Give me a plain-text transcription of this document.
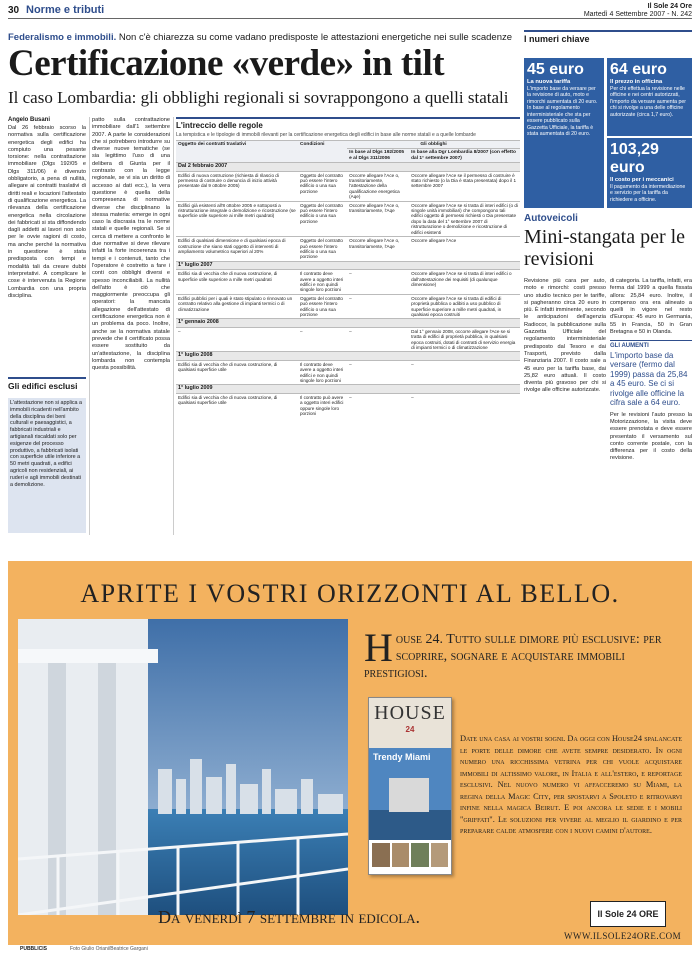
30 Norme e tributi	Il Sole 24 Ore
Martedì 4 Settembre 2007 - N. 242
Federalismo e immobili. Non c'è chiarezza su come vadano predisposte le attestazioni energetiche nei sulle scadenze
Certificazione «verde» in tilt
Il caso Lombardia: gli obblighi regionali si sovrappongono a quelli statali
Angelo Busani

Dal 26 febbraio scorso la normativa sulla certificazione energetica degli edifici ha compiuto una pesante torsione: nella contrattazione immobiliare (Dlgs 192/05 e Dlgs 311/06) è divenuto obbligatorio, a pena di nullità, allegare ai contratti traslativi di diritti reali e locazioni l'attestato di qualificazione energetica. La rilevanza della certificazione energetica nella circolazione dei fabbricati si sta diffondendo dagli addetti ai lavori non solo per le ovvie ragioni di costo, ma anche perché la normativa in questione è stata predisposta con tempi e modalità tali da creare dubbi interpretativi. A complicare le cose è intervenuta la Regione Lombardia con una propria disciplina.

patto sulla contrattazione immobiliare dall'1 settembre 2007. A parte le considerazioni che si potrebbero introdurre su diverse nuove tematiche (se sia legittimo l'uso di una delibera di Giunta per il contrasto con la legge regionale, se vi sia un diritto di accesso ai dati ecc.), la vera questione è quella della compresenza di normative diverse che disciplinano la stessa materia: emerge in ogni caso la discrasia tra le norme statali e quelle regionali. Se si cerca di mettere a confronto le due normative si deve rilevare infatti la forte incoerenza tra i tempi e i contenuti, tanto che l'operatore è costretto a fare i conti con obblighi diversi e spesso inconciliabili. La nullità dell'atto è ciò che maggiormente preoccupa gli operatori: la mancata allegazione dell'attestato di certificazione energetica non è un problema da poco. Inoltre, anche se la normativa statale prevede che il certificato possa essere sostituito da un'attestazione, la disciplina lombarda non contempla questa possibilità.

Gli edifici esclusi
L'attestazione non si applica a immobili ricadenti nell'ambito della disciplina dei beni culturali e paesaggistici, a fabbricati industriali e artigianali riscaldati solo per esigenze del processo produttivo, a fabbricati isolati con superficie utile inferiore a 50 metri quadrati, a edifici agricoli non residenziali, ai ruderi e agli immobili destinati a demolizione.
L'intreccio delle regole
La tempistica e le tipologie di immobili rilevanti per la certificazione energetica degli edifici in base alle norme statali e a quelle lombarde
Oggetto dei contratti traslativi	Condizioni	Gli obblighi	
		In base al Dlgs 192/2005 e al Dlgs 311/2006	In base alla Dgr Lombardia 8/2007 (con effetto dal 1° settembre 2007)
Dal 2 febbraio 2007			
Edifici di nuova costruzione (richiesta di rilascio di permesso di costruire o denuncia di inizio attività presentate dal 9 ottobre 2005)	Oggetto del contratto può essere l'intero edificio o una sua porzione	Occorre allegare l'Ace o, transitoriamente, l'attestazione della qualificazione energetica (Aqe)	Occorre allegare l'Ace se il permesso di costruire è stato richiesto (o la Dia è stata presentata) dopo il 1 settembre 2007
Edifici già esistenti all'8 ottobre 2005 e sottoposti a ristrutturazione integrale o demolizione e ricostruzione (se superficie utile superiore ai mille metri quadrati)	Oggetto del contratto può essere l'intero edificio o una sua porzione	Occorre allegare l'Ace o, transitoriamente, l'Aqe	Occorre allegare l'Ace se si tratta di interi edifici (o di singole unità immobiliari) che compongono tali edifici oggetto di permessi richiesti o Dia presentate dopo la data del 1° settembre 2007 di ristrutturazione o demolizione e ricostruzione di edifici esistenti
Edifici di qualsiasi dimensione e di qualsiasi epoca di costruzione che siano stati oggetto di interventi di ampliamento volumetrico superiori al 20%	Oggetto del contratto può essere l'intero edificio o una sua porzione	Occorre allegare l'Ace o, transitoriamente, l'Aqe	Occorre allegare l'Ace
1° luglio 2007			
Edifici sia di vecchia che di nuova costruzione, di superficie utile superiore a mille metri quadrati	Il contratto deve avere a oggetto interi edifici e non quindi singole loro porzioni	–	Occorre allegare l'Ace se si tratta di interi edifici o dall'attestazione dei requisiti (di qualunque dimensione)
Edifici pubblici per i quali è stato stipulato o rinnovato un contratto relativo alla gestione di impianti termici o di climatizzazione	Oggetto del contratto può essere l'intero edificio o una sua porzione	–	Occorre allegare l'Ace se si tratta di edifici di proprietà pubblica o adibiti a uso pubblico di superficie superiore a mille metri quadrati, in qualsiasi epoca costruiti
1° gennaio 2008			
–	–	–	Dal 1° gennaio 2008, occorre allegare l'Ace se si tratta di edifici di proprietà pubblica, in qualsiasi epoca costruiti, dotati di contratti di servizio energia di impianti termici o di climatizzazione
1° luglio 2008			
Edifici sia di vecchia che di nuova costruzione, di qualsiasi superficie utile	Il contratto deve avere a oggetto interi edifici e non quindi singole loro porzioni	–	–
1° luglio 2009			
Edifici sia di vecchia che di nuova costruzione, di qualsiasi superficie utile	Il contratto può avere a oggetto interi edifici oppure singole loro porzioni	–	–
I numeri chiave
45 euro
La nuova tariffa
L'importo base da versare per la revisione di auto, moto e rimorchi aumentata di 20 euro. In base al regolamento interministeriale che sta per essere pubblicato sulla Gazzetta Ufficiale, la tariffa è stata aumentata di 20 euro.
64 euro
Il prezzo in officina
Per chi effettua la revisione nelle officine e nei centri autorizzati, l'importo da versare aumenta per chi si rivolge a una delle officine autorizzate (circa 1,7 euro).
103,29 euro
Il costo per i meccanici
Il pagamento da intermediazione e servizio per la tariffa da richiedere a officine.
Autoveicoli
Mini-stangata per le revisioni

Revisione più cara per auto, moto e rimorchi: costi presso uno studio tecnico per le tariffe, si pagheranno circa 20 euro in più. È infatti imminente, secondo le anticipazioni dell'agenzia Radiocor, la pubblicazione sulla Gazzetta Ufficiale del regolamento interministeriale predisposto dal Tesoro e dai Trasporti, previsto dalla Finanziaria 2007. Il costo sale a 45 euro per la tariffa base, dai 25,82 euro attuali. Il costo diventa più gravoso per chi si rivolge alle officine autorizzate.

di categoria. La tariffa, infatti, era ferma dal 1999 a quella fissata allora: 25,84 euro. Inoltre, il compenso ora era alineato a quelli in vigore nel resto d'Europa: 45 euro in Germania, 55 in Francia, 50 in Gran Bretagna e 50 in Olanda.

GLI AUMENTI
L'importo base da versare (fermo dal 1999) passa da 25,84 a 45 euro. Se ci si rivolge alle officine la cifra sale a 64 euro.

Per le revisioni l'auto presso la Motorizzazione, la visita deve essere prenotata e deve essere presentato il versamento sul conto corrente postale, con la differenza per il costo della revisione.

APRITE I VOSTRI ORIZZONTI AL BELLO.
House 24. Tutto sulle dimore più esclusive: per scoprire, sognare e acquistare immobili prestigiosi.
HOUSE
24
Trendy Miami
Date una casa ai vostri sogni. Da oggi con House24 spalancate le porte delle dimore che avete sempre desiderato. In ogni numero una ricchissima vetrina per chi vuole acquistare immobili di altissimo valore, in Italia e all'estero, e reportage esclusivi. Nel nuovo numero vi affacceremo su Miami, la regina della Magic City, per spostarvi a Spoleto e ritrovarvi infine nella magica Beirut. E poi ancora le sedie e i mobili "griffati". Le soluzioni per vivere al meglio il giardino e per preparare calde atmosfere con i nuovi camini d'autore.
Da venerdì 7 settembre in edicola.	Il Sole 24 ORE
WWW.ILSOLE24ORE.COM
PUBBLICIS	Foto Giulio Oriani/Beatrice Gargani
